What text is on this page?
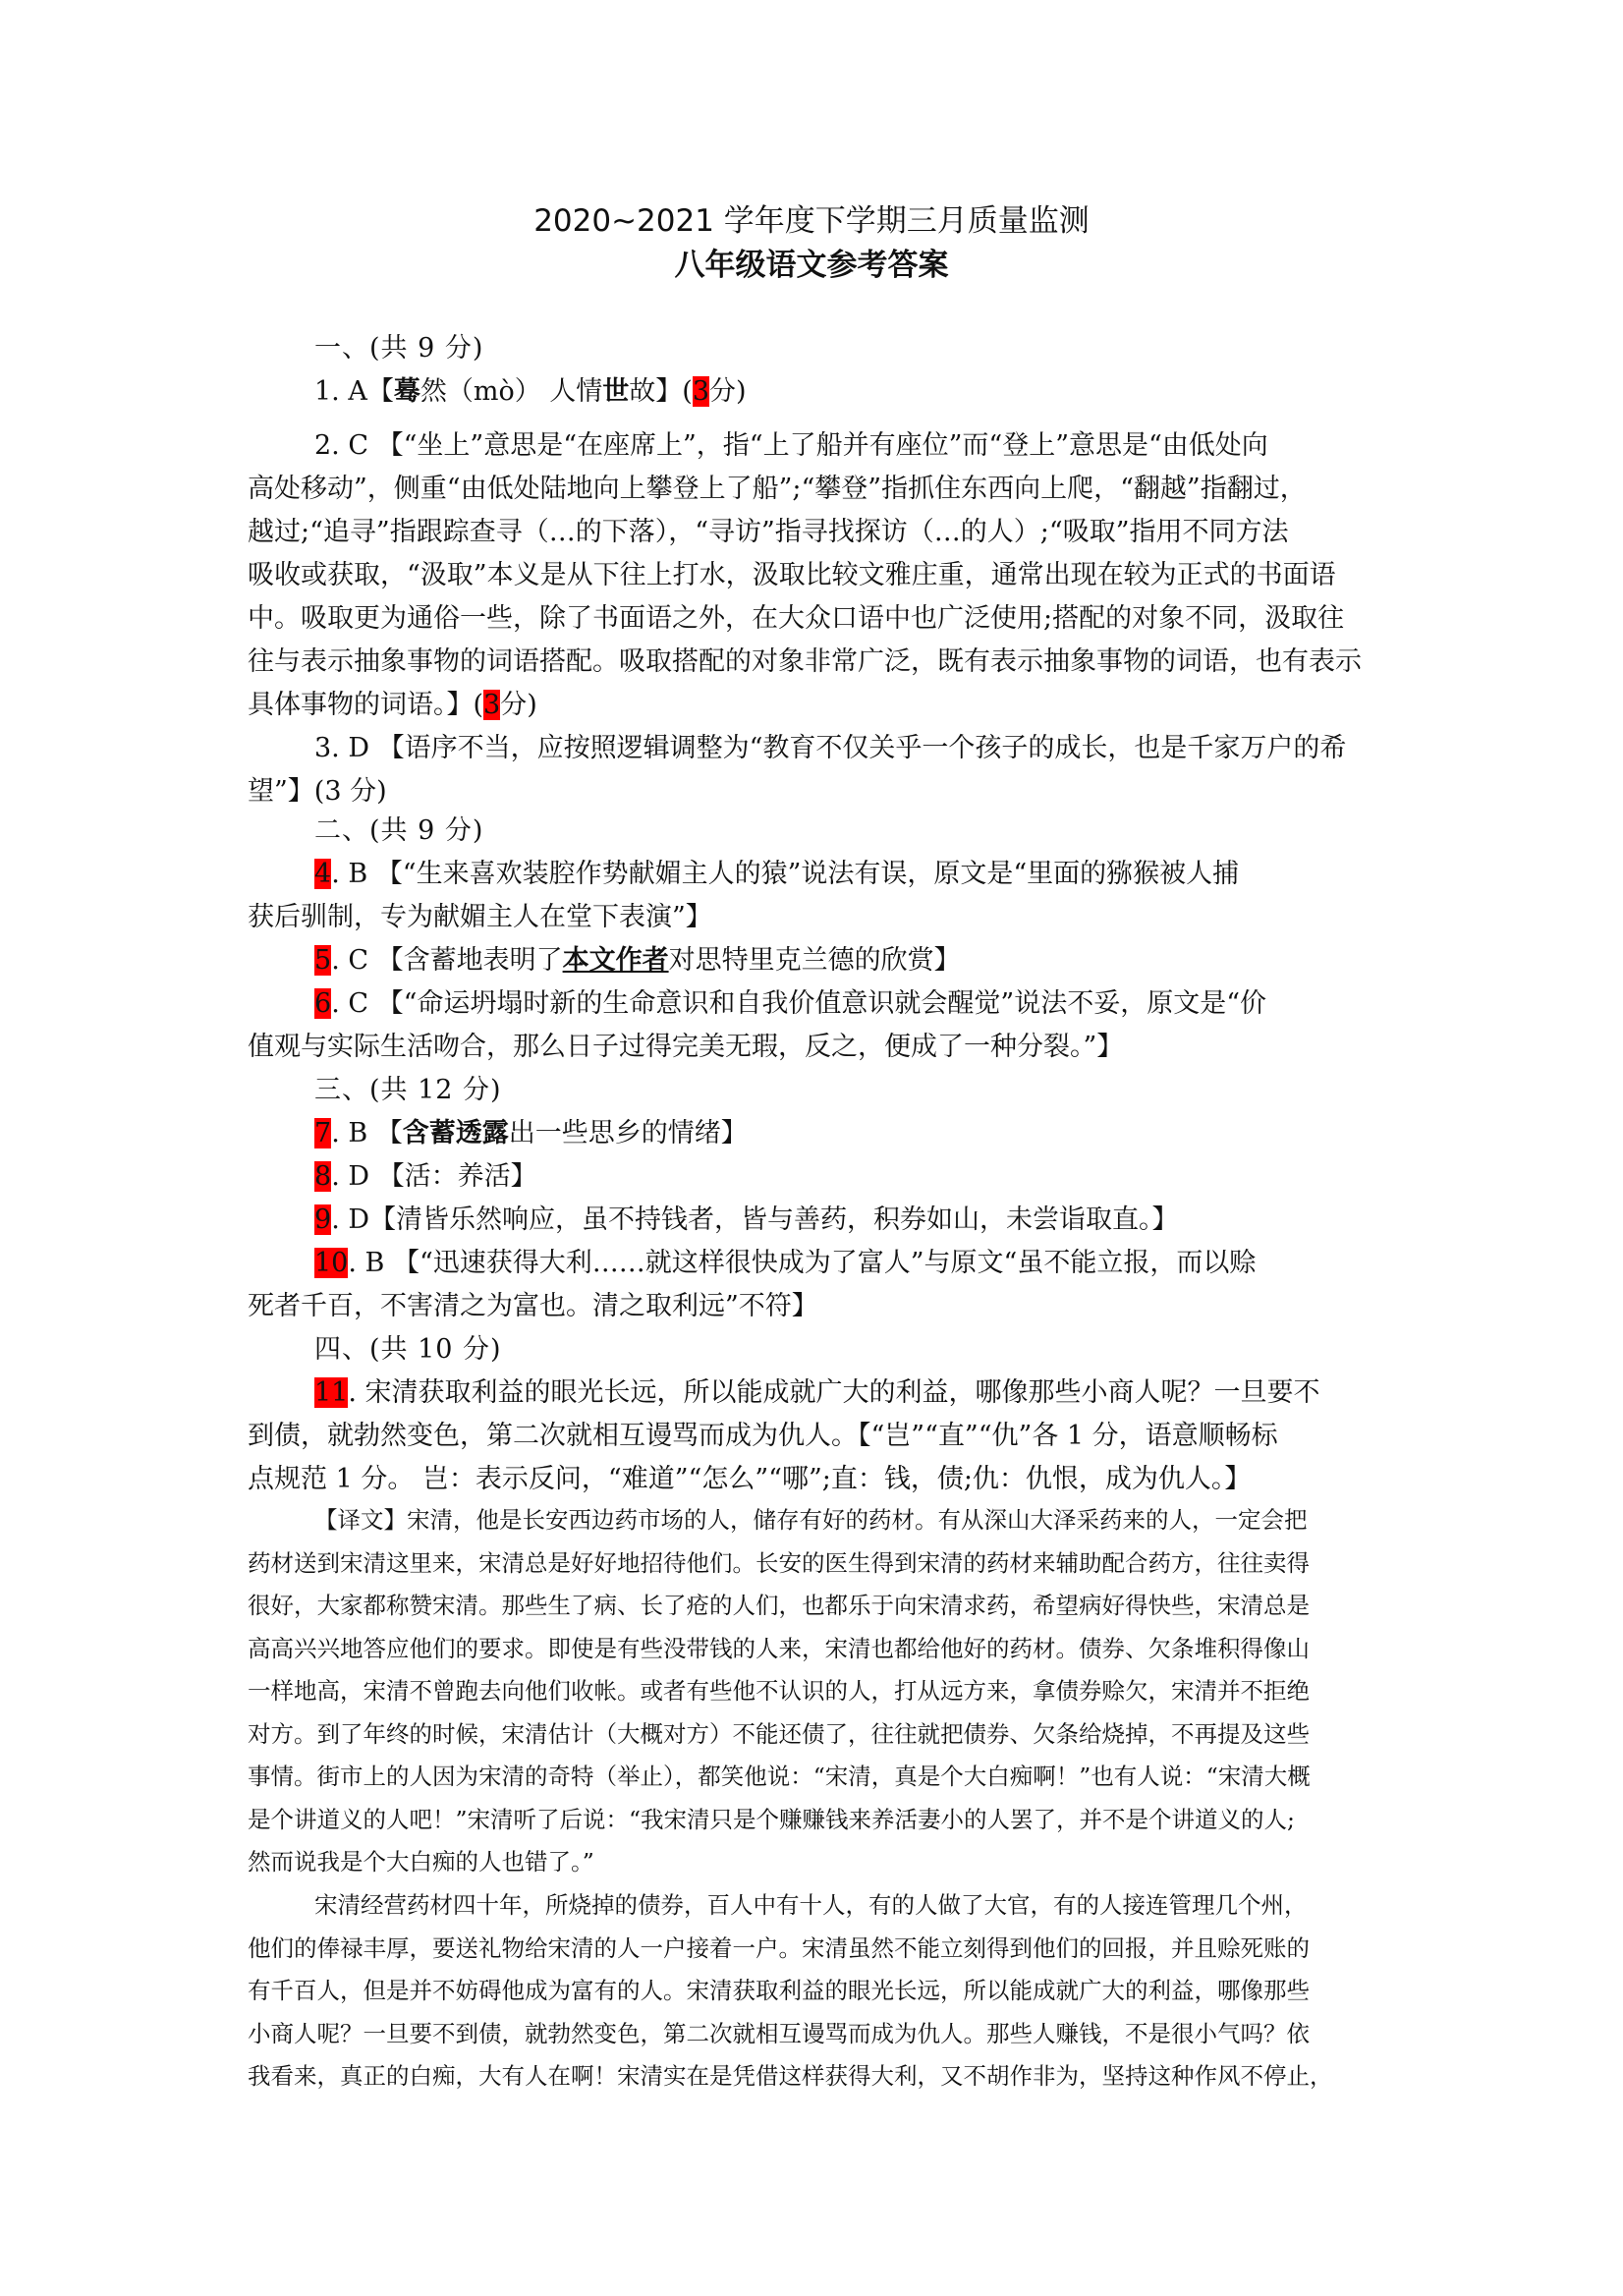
2020~2021 学年度下学期三月质量监测
八年级语文参考答案
一、(共 9 分)
1. A【蓦然（mò） 人情世故】(3分)
2. C 【“坐上”意思是“在座席上”，指“上了船并有座位”而“登上”意思是“由低处向
高处移动”，侧重“由低处陆地向上攀登上了船”;“攀登”指抓住东西向上爬，“翻越”指翻过，
越过;“追寻”指跟踪查寻（…的下落），“寻访”指寻找探访（…的人）;“吸取”指用不同方法
吸收或获取，“汲取”本义是从下往上打水，汲取比较文雅庄重，通常出现在较为正式的书面语
中。吸取更为通俗一些，除了书面语之外，在大众口语中也广泛使用;搭配的对象不同，汲取往
往与表示抽象事物的词语搭配。吸取搭配的对象非常广泛，既有表示抽象事物的词语，也有表示
具体事物的词语。】(3分)
3. D 【语序不当，应按照逻辑调整为“教育不仅关乎一个孩子的成长，也是千家万户的希
望”】(3 分)
二、(共 9 分)
4. B 【“生来喜欢装腔作势献媚主人的猿”说法有误，原文是“里面的猕猴被人捕
获后驯制，专为献媚主人在堂下表演”】
5. C 【含蓄地表明了本文作者对思特里克兰德的欣赏】
6. C 【“命运坍塌时新的生命意识和自我价值意识就会醒觉”说法不妥，原文是“价
值观与实际生活吻合，那么日子过得完美无瑕，反之，便成了一种分裂。”】
三、(共 12 分)
7. B 【含蓄透露出一些思乡的情绪】
8. D 【活：养活】
9. D【清皆乐然响应，虽不持钱者，皆与善药，积券如山，未尝诣取直。】
10. B 【“迅速获得大利……就这样很快成为了富人”与原文“虽不能立报，而以赊
死者千百，不害清之为富也。清之取利远”不符】
四、(共 10 分)
11. 宋清获取利益的眼光长远，所以能成就广大的利益，哪像那些小商人呢？一旦要不
到债，就勃然变色，第二次就相互谩骂而成为仇人。【“岂”“直”“仇”各 1 分，语意顺畅标
点规范 1 分。 岂：表示反问，“难道”“怎么”“哪”;直：钱，债;仇：仇恨，成为仇人。】
【译文】宋清，他是长安西边药市场的人，储存有好的药材。有从深山大泽采药来的人，一定会把
药材送到宋清这里来，宋清总是好好地招待他们。长安的医生得到宋清的药材来辅助配合药方，往往卖得
很好，大家都称赞宋清。那些生了病、长了疮的人们，也都乐于向宋清求药，希望病好得快些，宋清总是
高高兴兴地答应他们的要求。即使是有些没带钱的人来，宋清也都给他好的药材。债券、欠条堆积得像山
一样地高，宋清不曾跑去向他们收帐。或者有些他不认识的人，打从远方来，拿债券赊欠，宋清并不拒绝
对方。到了年终的时候，宋清估计（大概对方）不能还债了，往往就把债券、欠条给烧掉，不再提及这些
事情。街市上的人因为宋清的奇特（举止），都笑他说：“宋清，真是个大白痴啊！”也有人说：“宋清大概
是个讲道义的人吧！”宋清听了后说：“我宋清只是个赚赚钱来养活妻小的人罢了，并不是个讲道义的人;
然而说我是个大白痴的人也错了。”
宋清经营药材四十年，所烧掉的债券，百人中有十人，有的人做了大官，有的人接连管理几个州，
他们的俸禄丰厚，要送礼物给宋清的人一户接着一户。宋清虽然不能立刻得到他们的回报，并且赊死账的
有千百人，但是并不妨碍他成为富有的人。宋清获取利益的眼光长远，所以能成就广大的利益，哪像那些
小商人呢？一旦要不到债，就勃然变色，第二次就相互谩骂而成为仇人。那些人赚钱，不是很小气吗？依
我看来，真正的白痴，大有人在啊！宋清实在是凭借这样获得大利，又不胡作非为，坚持这种作风不停止，
